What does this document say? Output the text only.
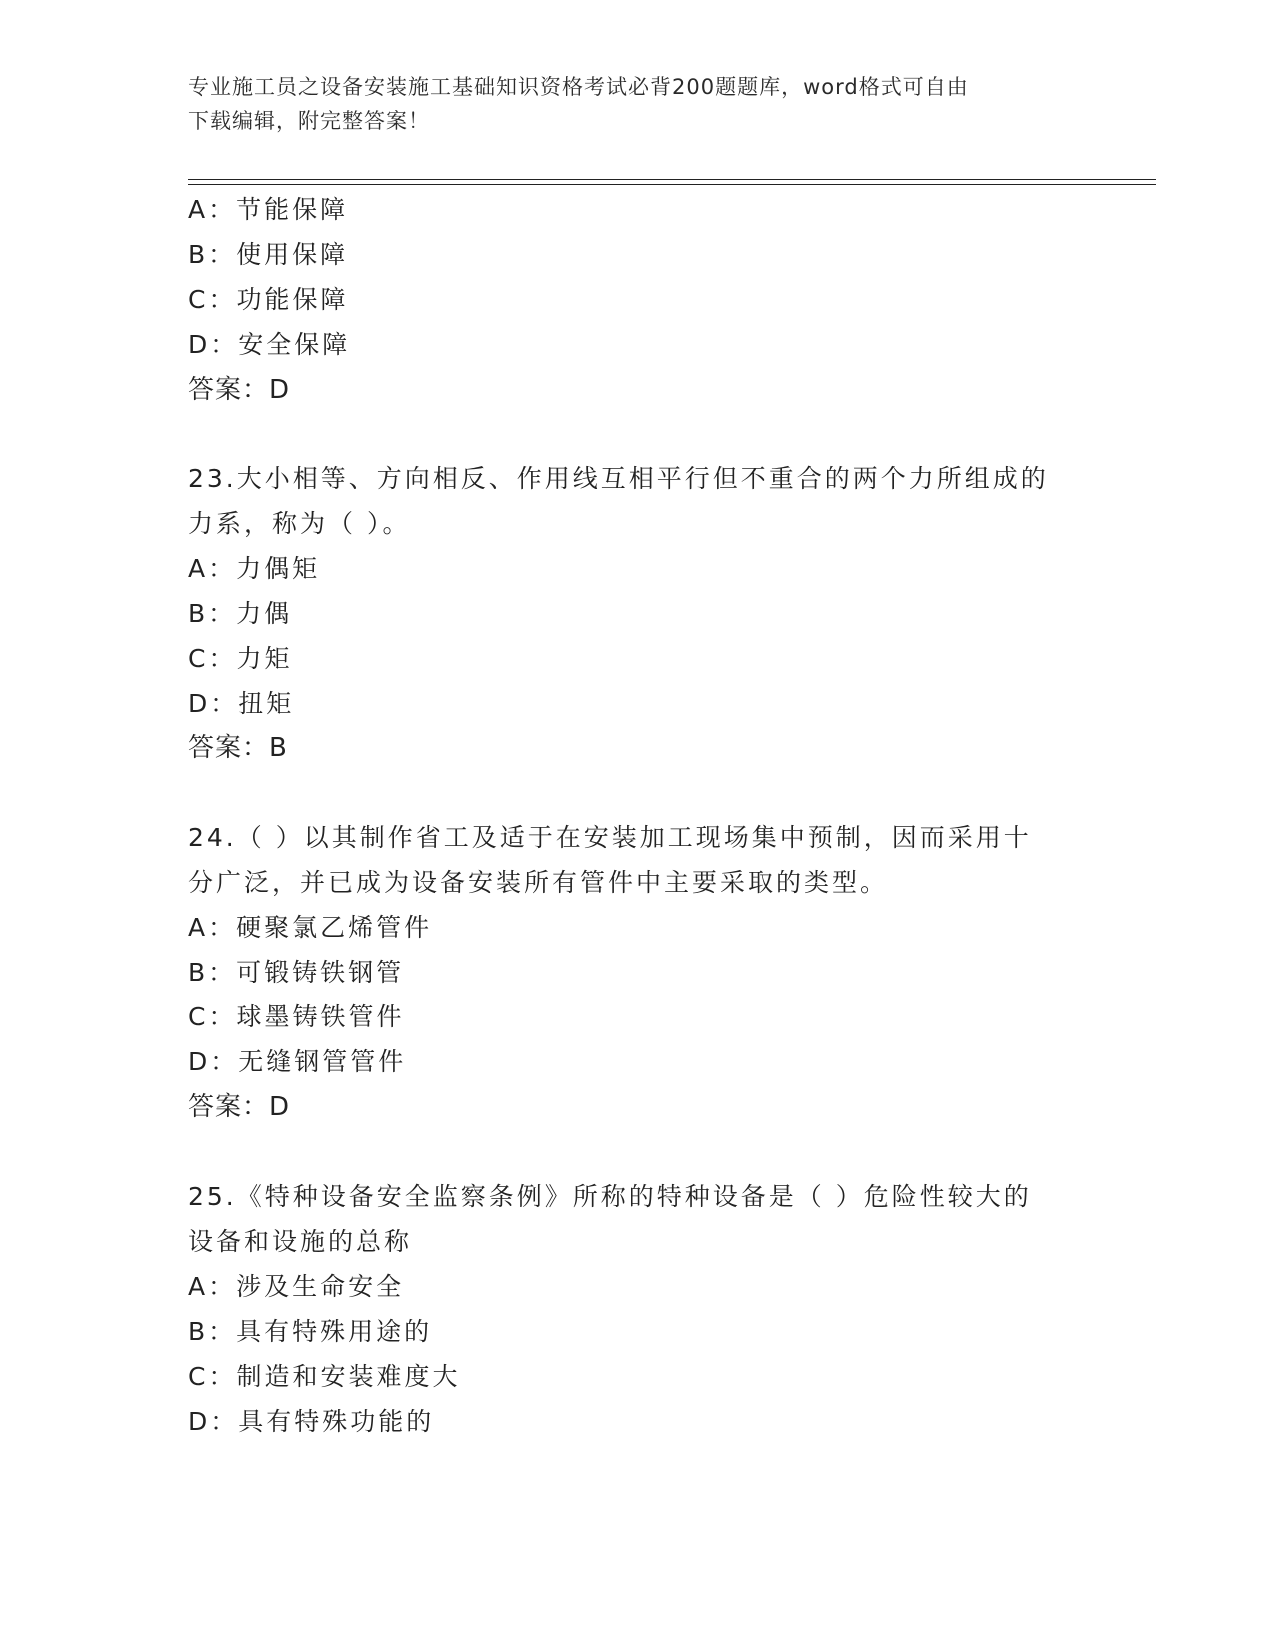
专业施工员之设备安装施工基础知识资格考试必背200题题库，word格式可自由
下载编辑，附完整答案！
A：节能保障
B：使用保障
C：功能保障
D：安全保障
答案：D
23.大小相等、方向相反、作用线互相平行但不重合的两个力所组成的
力系，称为（ ）。
A：力偶矩
B：力偶
C：力矩
D：扭矩
答案：B
24.（ ）以其制作省工及适于在安装加工现场集中预制，因而采用十
分广泛，并已成为设备安装所有管件中主要采取的类型。
A：硬聚氯乙烯管件
B：可锻铸铁钢管
C：球墨铸铁管件
D：无缝钢管管件
答案：D
25.《特种设备安全监察条例》所称的特种设备是（ ）危险性较大的
设备和设施的总称
A：涉及生命安全
B：具有特殊用途的
C：制造和安装难度大
D：具有特殊功能的
